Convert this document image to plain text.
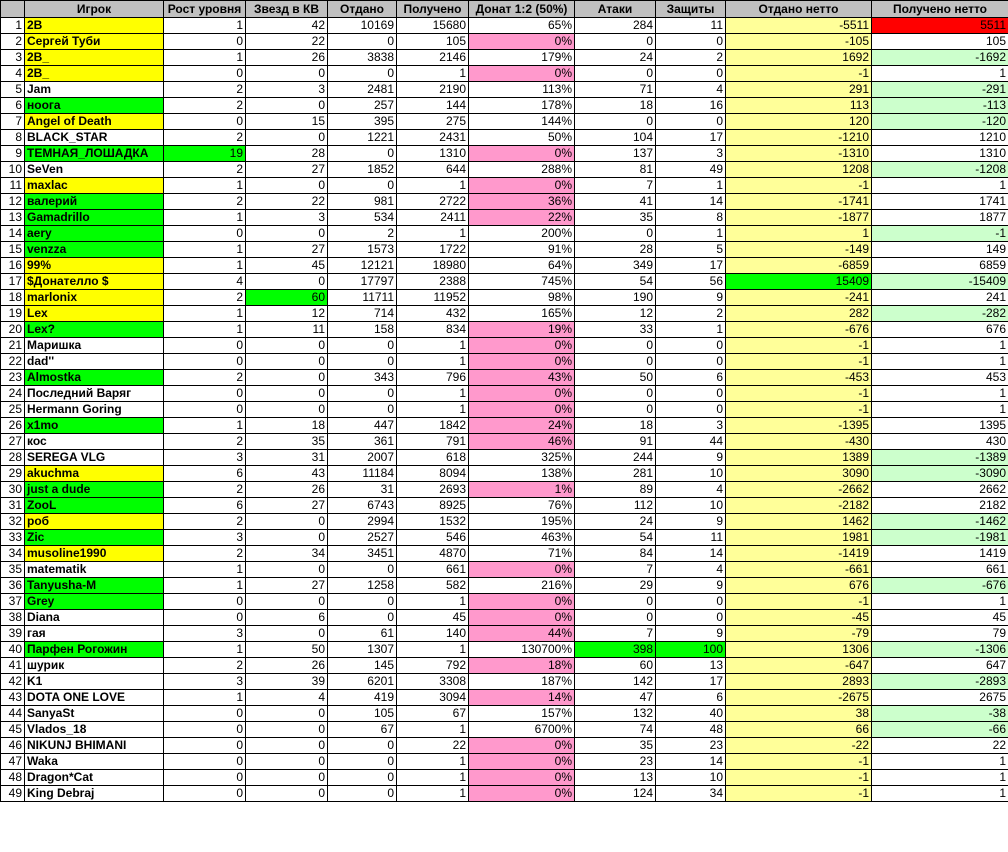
	Игрок	Рост уровня	Звезд в КВ	Отдано	Получено	Донат 1:2 (50%)	Атаки	Защиты	Отдано нетто	Получено нетто
1	2B	1	42	10169	15680	65%	284	11	-5511	5511
2	Сергей Туби	0	22	0	105	0%	0	0	-105	105
3	2B_	1	26	3838	2146	179%	24	2	1692	-1692
4	2B_	0	0	0	1	0%	0	0	-1	1
5	Jam	2	3	2481	2190	113%	71	4	291	-291
6	ноога	2	0	257	144	178%	18	16	113	-113
7	Angel of Death	0	15	395	275	144%	0	0	120	-120
8	BLACK_STAR	2	0	1221	2431	50%	104	17	-1210	1210
9	ТЕМНАЯ_ЛОШАДКА	19	28	0	1310	0%	137	3	-1310	1310
10	SeVen	2	27	1852	644	288%	81	49	1208	-1208
11	maxlac	1	0	0	1	0%	7	1	-1	1
12	валерий	2	22	981	2722	36%	41	14	-1741	1741
13	Gamadrillo	1	3	534	2411	22%	35	8	-1877	1877
14	aery	0	0	2	1	200%	0	1	1	-1
15	venzza	1	27	1573	1722	91%	28	5	-149	149
16	99%	1	45	12121	18980	64%	349	17	-6859	6859
17	$Донателло $	4	0	17797	2388	745%	54	56	15409	-15409
18	marlonix	2	60	11711	11952	98%	190	9	-241	241
19	Lex	1	12	714	432	165%	12	2	282	-282
20	Lex?	1	11	158	834	19%	33	1	-676	676
21	Маришка	0	0	0	1	0%	0	0	-1	1
22	dad''	0	0	0	1	0%	0	0	-1	1
23	Almostka	2	0	343	796	43%	50	6	-453	453
24	Последний Варяг	0	0	0	1	0%	0	0	-1	1
25	Hermann Goring	0	0	0	1	0%	0	0	-1	1
26	x1mo	1	18	447	1842	24%	18	3	-1395	1395
27	кос	2	35	361	791	46%	91	44	-430	430
28	SEREGA VLG	3	31	2007	618	325%	244	9	1389	-1389
29	akuchma	6	43	11184	8094	138%	281	10	3090	-3090
30	just a dude	2	26	31	2693	1%	89	4	-2662	2662
31	ZooL	6	27	6743	8925	76%	112	10	-2182	2182
32	роб	2	0	2994	1532	195%	24	9	1462	-1462
33	Zic	3	0	2527	546	463%	54	11	1981	-1981
34	musoline1990	2	34	3451	4870	71%	84	14	-1419	1419
35	matematik	1	0	0	661	0%	7	4	-661	661
36	Tanyusha-M	1	27	1258	582	216%	29	9	676	-676
37	Grey	0	0	0	1	0%	0	0	-1	1
38	Diana	0	6	0	45	0%	0	0	-45	45
39	гая	3	0	61	140	44%	7	9	-79	79
40	Парфен Рогожин	1	50	1307	1	130700%	398	100	1306	-1306
41	шурик	2	26	145	792	18%	60	13	-647	647
42	K1	3	39	6201	3308	187%	142	17	2893	-2893
43	DOTA ONE LOVE	1	4	419	3094	14%	47	6	-2675	2675
44	SanyaSt	0	0	105	67	157%	132	40	38	-38
45	Vlados_18	0	0	67	1	6700%	74	48	66	-66
46	NIKUNJ BHIMANI	0	0	0	22	0%	35	23	-22	22
47	Waka	0	0	0	1	0%	23	14	-1	1
48	Dragon*Cat	0	0	0	1	0%	13	10	-1	1
49	King Debraj	0	0	0	1	0%	124	34	-1	1
